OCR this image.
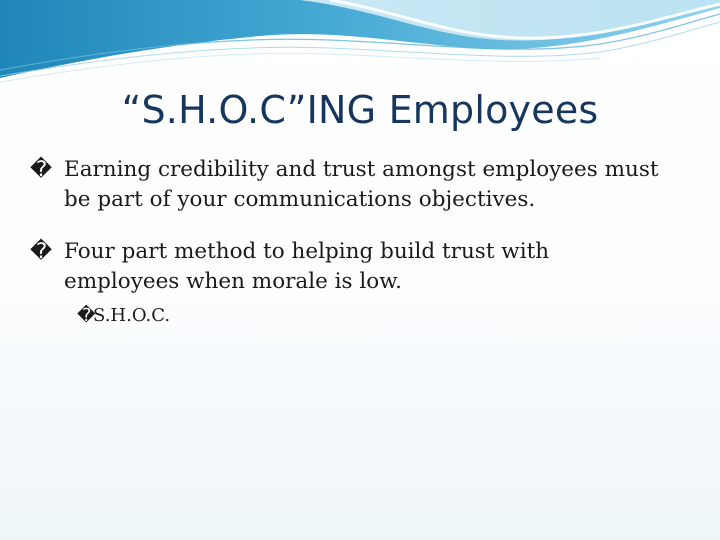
“S.H.O.C”ING Employees

� Earning credibility and trust amongst employees must
be part of your communications objectives.

� Four part method to helping build trust with
employees when morale is low.

�
S.H.O.C.
